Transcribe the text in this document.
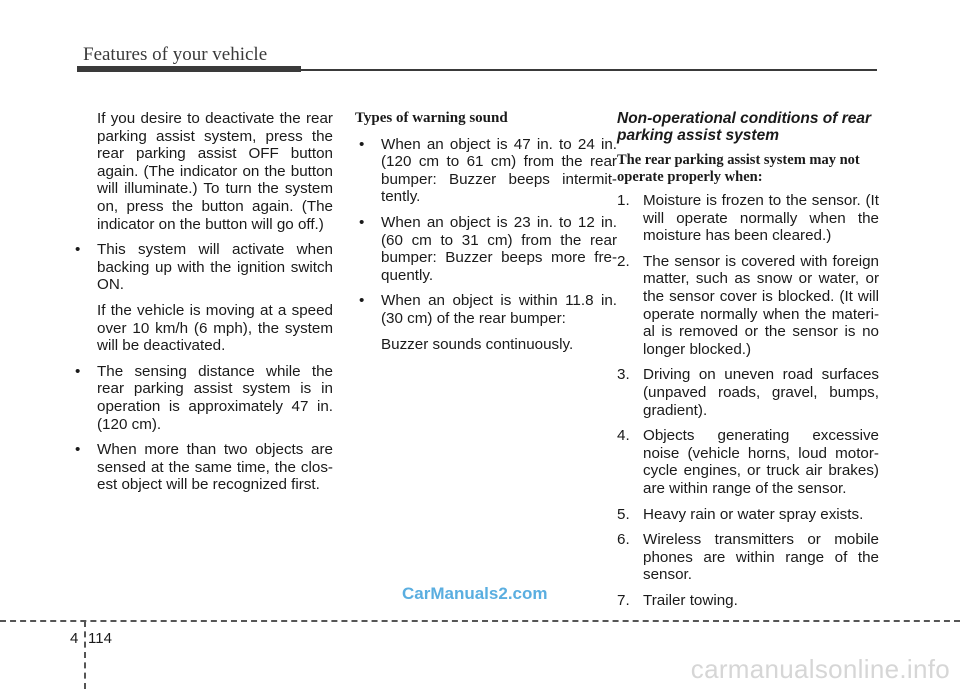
Features of your vehicle

If you desire to deactivate the rear parking assist system, press the rear parking assist OFF button again. (The indicator on the button will illuminate.) To turn the system on, press the button again. (The indicator on the button will go off.)

• This system will activate when backing up with the ignition switch ON.

If the vehicle is moving at a speed over 10 km/h (6 mph), the system will be deactivated.

• The sensing distance while the rear parking assist system is in operation is approximately 47 in. (120 cm).
• When more than two objects are sensed at the same time, the clos- est object will be recognized first.
Types of warning sound
• When an object is 47 in. to 24 in. (120 cm to 61 cm) from the rear bumper: Buzzer beeps intermit- tently.
• When an object is 23 in. to 12 in. (60 cm to 31 cm) from the rear bumper: Buzzer beeps more fre- quently.
• When an object is within 11.8 in. (30 cm) of the rear bumper:

Buzzer sounds continuously.

Non-operational conditions of rear parking assist system
The rear parking assist system may not operate properly when:
1. Moisture is frozen to the sensor. (It will operate normally when the moisture has been cleared.)
2. The sensor is covered with foreign matter, such as snow or water, or the sensor cover is blocked. (It will operate normally when the materi- al is removed or the sensor is no longer blocked.)
3. Driving on uneven road surfaces (unpaved roads, gravel, bumps, gradient).
4. Objects generating excessive noise (vehicle horns, loud motor- cycle engines, or truck air brakes) are within range of the sensor.
5. Heavy rain or water spray exists.
6. Wireless transmitters or mobile phones are within range of the sensor.
7. Trailer towing.
CarManuals2.com
4 114
carmanualsonline.info
